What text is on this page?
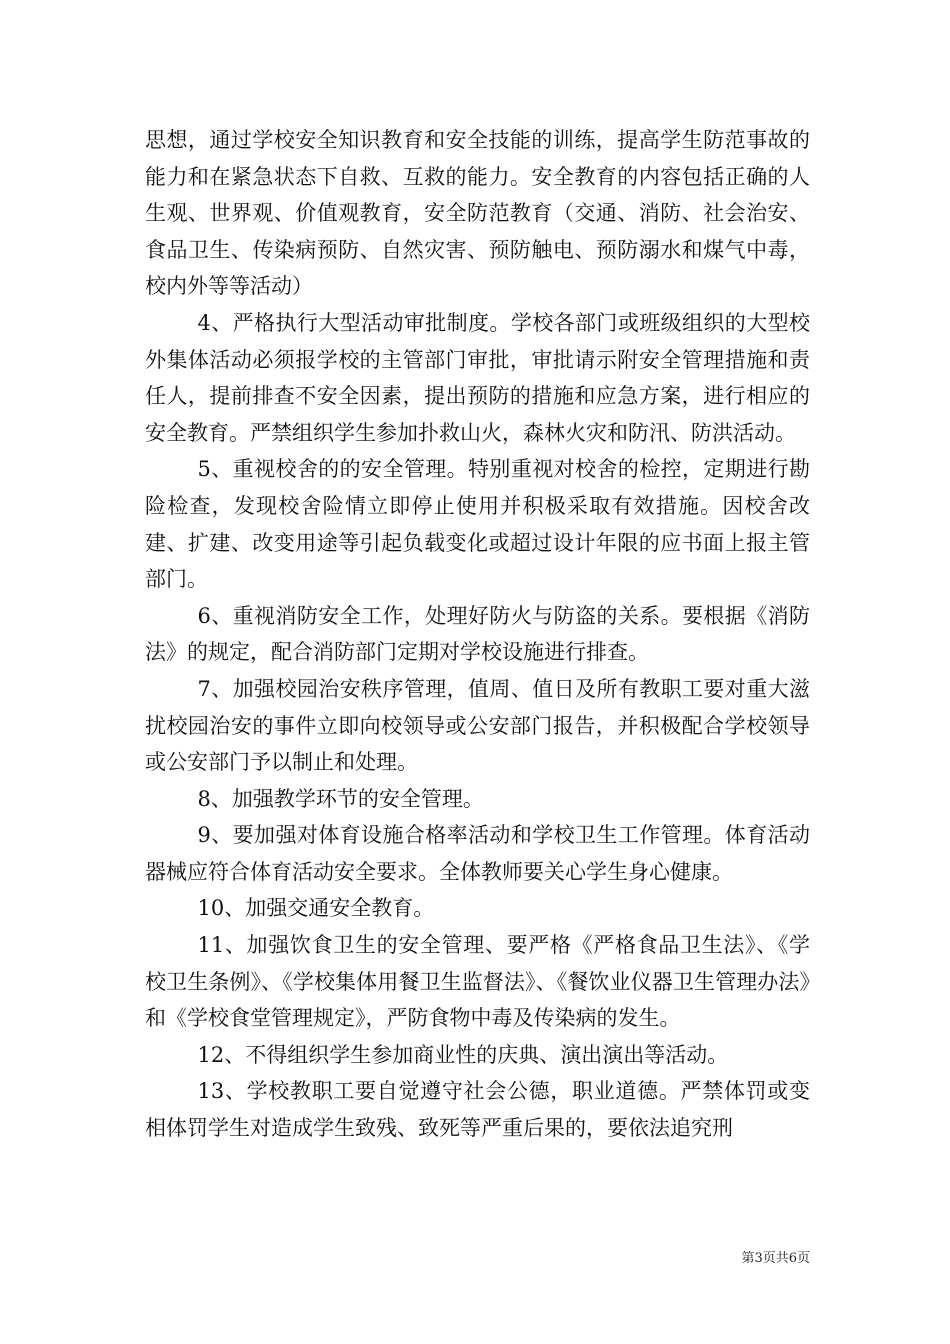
思想，通过学校安全知识教育和安全技能的训练，提高学生防范事故的能力和在紧急状态下自救、互救的能力。安全教育的内容包括正确的人生观、世界观、价值观教育，安全防范教育（交通、消防、社会治安、食品卫生、传染病预防、自然灾害、预防触电、预防溺水和煤气中毒，校内外等等活动）

4、严格执行大型活动审批制度。学校各部门或班级组织的大型校外集体活动必须报学校的主管部门审批，审批请示附安全管理措施和责任人，提前排查不安全因素，提出预防的措施和应急方案，进行相应的安全教育。严禁组织学生参加扑救山火，森林火灾和防汛、防洪活动。

5、重视校舍的的安全管理。特别重视对校舍的检控，定期进行勘险检查，发现校舍险情立即停止使用并积极采取有效措施。因校舍改建、扩建、改变用途等引起负载变化或超过设计年限的应书面上报主管部门。

6、重视消防安全工作，处理好防火与防盗的关系。要根据《消防法》的规定，配合消防部门定期对学校设施进行排查。

7、加强校园治安秩序管理，值周、值日及所有教职工要对重大滋扰校园治安的事件立即向校领导或公安部门报告，并积极配合学校领导或公安部门予以制止和处理。

8、加强教学环节的安全管理。

9、要加强对体育设施合格率活动和学校卫生工作管理。体育活动器械应符合体育活动安全要求。全体教师要关心学生身心健康。

10、加强交通安全教育。

11、加强饮食卫生的安全管理、要严格《严格食品卫生法》、《学校卫生条例》、《学校集体用餐卫生监督法》、《餐饮业仪器卫生管理办法》和《学校食堂管理规定》，严防食物中毒及传染病的发生。

12、不得组织学生参加商业性的庆典、演出演出等活动。

13、学校教职工要自觉遵守社会公德，职业道德。严禁体罚或变相体罚学生对造成学生致残、致死等严重后果的，要依法追究刑

第3页共6页
